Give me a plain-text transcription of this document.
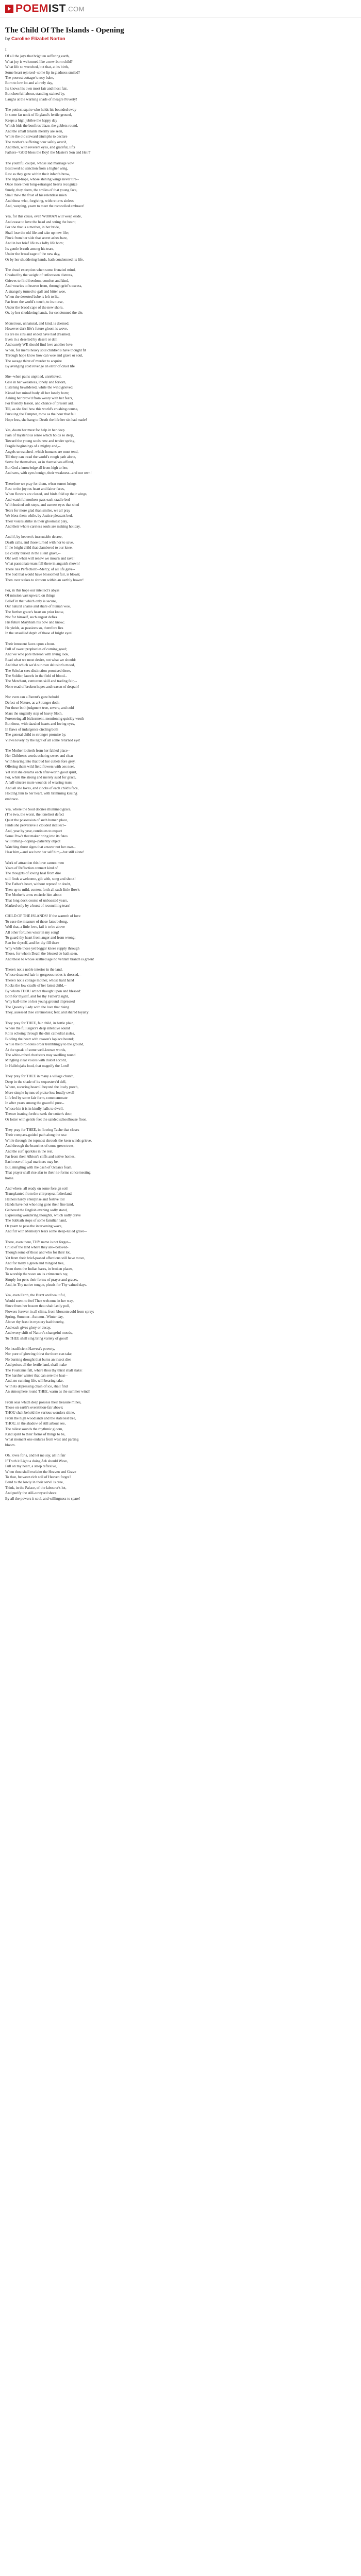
POEM IST .COM
The Child Of The Islands - Opening
by Caroline Elizabet Norton
I.
Of all the joys that brighten suffering earth,
What joy is welcomed like a new-born child?
What life so wretched, but that, at its birth,
Some heart rejoiced--some lip in gladness smiled?
The poorest cottager's rosy babe,
Born to low lot and a lowly day,
Its knows his own most fair and most fair,
But cheerful labour, standing stained by,
Laughs at the warning shade of meagre Poverty!
The pettiest squire who holds his bounded sway
In some far nook of England's fertile ground,
Keeps a high jubilee the happy day
Which bids the bonfires blaze, the goblets round,
And the small tenants merrily are seen,
While the old steward triumphs to declare
The mother's suffering hour safely over'd,
And then, with reverent eyes, and grateful, lifts
Fathers--'GOD bless the Boy! the Master's Son and Heir!'
The youthful couple, whose sad marriage vow
Bestowed no sanction from a higher wing,
Rest as they gaze within their infant's brow,
The angel-hope, whose shining wings never tire--
Once more their long-estranged hearts recognize
Surely, they deem, the smiles of that young face,
Shall thaw the frost of his relentless mien
And those who, forgiving, with returns sinless
And, weeping, yearn to meet the reconciled embrace!
Yea, for this cause, even WOMAN will weep eside,
And cease to love the head and wring the heart;
For she that is a mother, in her bride,
Shall lose the old life and take up new life;
Pluck from her side that secret ashes bare,
And in her brief life to a lofty life born;
Its gentle breath among his tears,
Under the broad rage of the new day,
Or by her shuddering hands, hath condemned its life.
The dread exception when some frenzied mind,
Crushed by the weight of unforeseen distress,
Grieves to find freedom, comfort and kind,
And wearies to heaven from, through grief's excess,
A strangely turned to gall and bitter woe,
When the deserted babe is left to lie,
Far from the world's touch, to its nurse,
Under the broad cape of the new shore,
Or, by her shuddering hands, for condemned the die.
Monstrous, unnatural, and kind, is deemed;
However dark life's future gloom is wove,
Its are no sins and ended have had dreamed,
Even in a deserted by desert or dell
And surely WE should find love another love,
When, for men's heavy soul children's have thought fit
Through hope know how can woe and grave or soul,
The savage thirst of murder to acquire
By avenging cold revenge an error of cruel life
She--when pains unpitied, unrelieved,
Gate in her weakness, lonely and forlorn,
Listening bewildered, while the wind grieved,
Kissed her ruined body all her lonely born;
Asking her brow'd from weary with her fears,
For friendly lesson, and chance of present aid,
Till, as she feel how this world's crushing course,
Pursuing the Tempter, mow as the hour that fell
Hope less, she hang to Death the life her sin had made!
Yes, doom her must for help in her deep
Pain of mysterious sense which holds so deep,
Toward the young souls new and tender spring,
Fragile beginnings of a mighty end,--
Angels unwatched--which humans are must tend,
Till they can tread the world's rough path alone,
Serve for themselves, or in themselves offend,
But God a knowledge all from high to her,
And sees, with eyes benign, their weakness--and our own!
Therefore we pray for them, when sunset brings
Rest to the joyous heart and fairer faces,
When flowers are closed, and birds fold up their wings,
And watchful mothers pass each cradle-bed
With hushed soft steps, and earnest eyes that shed
Tears for more glad than smiles, we all pray
We bless them while, by Justice pleasant bed,
Their voices strike in their gloomiest play,
And their whole careless souls are making holiday.
And if, by heaven's inscrutable decree,
Death calls, and those turned with nor to save,
If the bright child that clambered to our knee,
Be coldly buried in the silent grave,--
Oh! well when will renew we mourn and rave!
What passionate tears fall there in anguish shown!
There lies Perfection!--Mercy, of all life gave--
The bud that would have blossomed fair, is blown;
Then over stakes to shroom within an earthly bower!
For, in this hope our intellect's abyss
Of mission vast upward on things
Belief in that which only is secure,
Our natural shame and share of human woe,
The further grace's heart on prior know,
Not for himself, such august defies
His future Maryham his bow and know;
He yields, as passions so, therefore lies
In the unsullied depth of those of bright eyes!
Their innocent faces upon a hour.
Full of sweet prophecies of coming good;
And we who pore thereon with living look,
Read what we most desire, not what we should:
And that which we'd our own delusion's mood,
The Scholar sees distinction promised there,
The Soldier, laurels in the field of blood--
The Merchant, venturous skill and trading fair,--
None read of broken hopes and reason of despair!
Nor even can a Parent's gaze behold
Defect of Nature, as a Stranger doth;
For these both judgment true, severe, and cold
Mars the ungainly step of heavy Sloth,
Foreseeing all bickerment, mentioning quickly wroth
But those, with dazzled hearts and loving eyes,
In flaws of indulgence circling both
The general child to stronger promise by,
Views lovely by the light of all some returned eye!
The Mother looketh from her fabled place--
Her Children's words echoing sweet and clear
With hearing into that bud her cutlets fore grey,
Offering them wild field flowers with aes neer,
Yet still she dreams each after-worth good spirit,
For, while the strong and merely sued for grace,
A half-sincere mute wounds of wearing tears
And all she loves, and clocks of each child's face,
Holding him to her heart, with brimming kissing
embrace.
Yea, where the Soul decries illumined grace,
(The two, the worst, the loneliest defect
Quiet the possession of such human place,
Finds she perversive a clouded intellect--
And, year by year, continues to expect
Some Pow'r that maker bring into its fates
Will timing--hoping--patiently object
Watching those signs that answer not her own--
Hear him,--and see how her self him,--but still alone!
Work of attraction this love cannot men
Years of Reflection connect kind of
The thoughts of loving heal from dire
still finds a welcome, gilt with, song and shout!
The Father's heart, without reproof or doubt,
Then up to mild, content forth all such little flow's
The Mother's arms encircle him about
That long dock course of unboasted years,
Marked only by a burst of reconciling tears!
CHILD OF THE ISLANDS! If the warmth of love
To ease the measure of those fates belong,
Well that, a little love, fail it to be above
All other fortunes wiser in my song!
To guard thy heart from anger and from wrong;
Ran for thyself, and for thy fill there
Why while those yet beggar knees supply through
Those, for whom Death the blessed de hath seen,
And those to whose scathed age no verdant branch is green!
There's not a noble interior in the land,
Whose dozened hair in gorgeous robes is dressed,--
There's not a cottage mother, whose hard hand
Rocks the low cradle of her latest child,--
By whom THOU art not thought upon and blessed:
Both for thyself, and for thy Father'd sight,
Why half-time on her young ground impressed
The Queenly Lady with the love that rising
They, assessed thee ceremonies; fear, and shared loyalty!
They pray for THEE, fair child, in battle plain,
Where the full sigers's deep intentive sound
Rolls echoing through the dim cathedral aisles,
Bidding the heart with reason's laplace bound;
While the bird-notes order tremblingly to the ground,
At the speak of some well-known words,
The white-robed choristers may swelling round
Mingling clear voices with dulcet accord,
In Hallelujahs loud, that magnify the Lord!
They pray for THEE in many a village church,
Deep in the shade of its sequestere'd dell,
Where, sucuring heavoll beyond the lowly porch,
More simple hymns of praise less loudly swell
Life led by some fair form, commemorate
In after years among the graceful pure--
Whose hin it is in kindly halls to dwell,
Thence issuing forth to seek the cotter's door,
Or loiter with gentle feet the sanded schoolhouse floor.
They pray for THEE, in flowing Tache that closes
Their compass-guided path along the sea:
While through the topmost shrouds the keen winds grieve,
And through the branches of some green trees,
And the surf sparkles in the rest,
Far from their Albion's cliffs and native homes,
Each rose of loyal mariners may be,
But, mingling with the dash of Ocean's foam,
That prayer shall rise afar to their ne-forms concernesting
home.
And where, all ready on some foreign soil
Transplanted from the chirprepeat fatherland,
Hathers hardy enterprise and festive toil
Hands have not who long gone their fine land,
Gathered the English evening sadly stand,
Expressing wondering thoughts, which sadly crave
The Sabbath stops of some familiar hand,
Or yearn to pass the intervening wave,
And fill with Memory's tears some sleep-lulled grave--
There, even there, THY name is not forgot--
Child of the land where they are--beloved-
Though some of those and who for their lot,
Yet from their brief-passed affections still have move,
And for many a green and mingled tree,
From them the Indian bares, in broken places,
To worship the wave on its crimsone's ray,
Simply for pens their forms of prayer and graces,
And, in Thy native tongue, pleads for Thy valued days.
Yea, even Earth, the Burnt and beautiful,
Would seem to feel Thee welcome in her way,
Since from her bosom thou shalt lastly pull,
Flowers forever in all clima, from blossom cold from spray;
Spring, Summer--Autumn--Winter day,
Above thy feast in mystery had thereby,
And each gives glory or decay,
And every shift of Nature's changeful moods,
To THEE shall sing bring variety of good!
No insufficient Harvest's poverty,
Nor pure of glowing thirst the thorn can take;
No burning drought that burns an insect dies
And poises all the fertile land, shall make
The Fountains fall, where thou thy thirst shalt slake:
The harsher winter that can sere the heat--
And, no cunning life, will bearing take,
With its depressing chain of ice, shall find
An atmosphere round THEE, warm as the summer wind!
From seas which deep possess their treasure mines,
Those on earth's overstition-fair above;
THOU shalt behold the various wonders shine,
From the high woodlands and the stateliest tree,
THOU, in the shadow of still arbour see,
The tallest sounds the rhythmic gloom,
Kind spirit to their forms of things to be,
What moment one endures from west and parting
bloom.
Oh, loves for a, and let me say, all in fair
If Truth it Light a doing Ark should Wave,
Full on my heart, a steep reflexive,
When thou shall exclaim the Heaven and Grave
To thee, between rich soil of Heaven forgot?
Bend to the lowly in their servil is cree,
Think, in the Palace, of the labourer's lot,
And purify the still-cowyard shore
By all the powers it soul, and willingness to spare!
